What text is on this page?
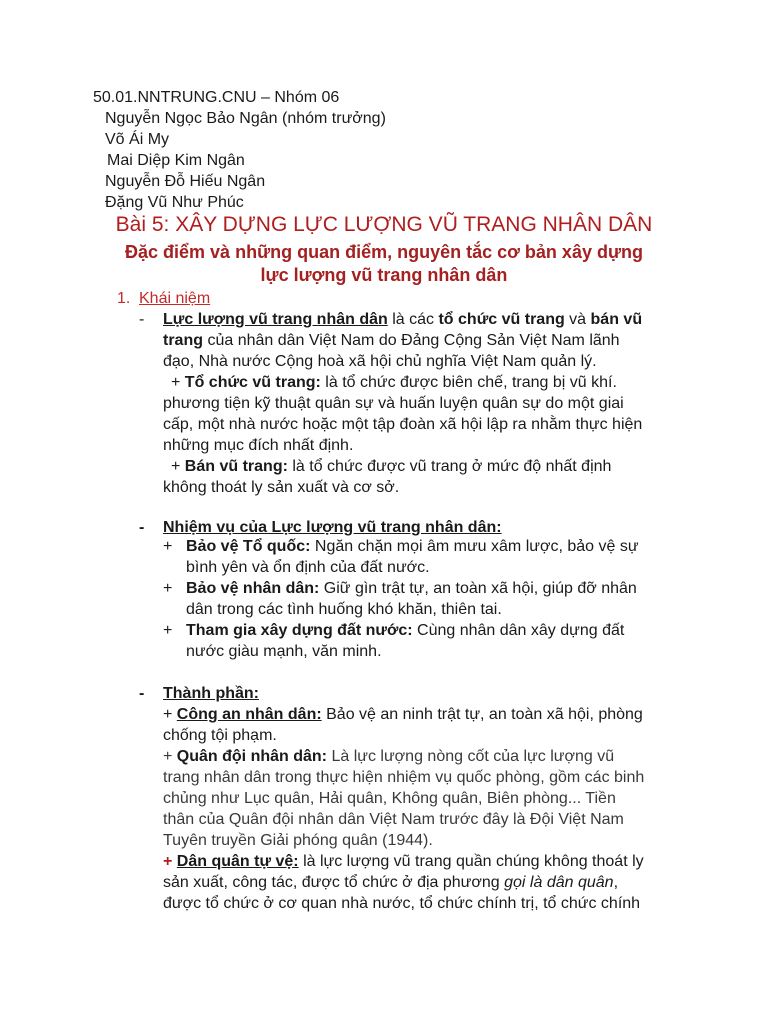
50.01.NNTRUNG.CNU – Nhóm 06
Nguyễn Ngọc Bảo Ngân (nhóm trưởng)
Võ Ái My
Mai Diệp Kim Ngân
Nguyễn Đỗ Hiếu Ngân
Đặng Vũ Như Phúc
Bài 5: XÂY DỰNG LỰC LƯỢNG VŨ TRANG NHÂN DÂN
Đặc điểm và những quan điểm, nguyên tắc cơ bản xây dựng
lực lượng vũ trang nhân dân
1. Khái niệm
- Lực lượng vũ trang nhân dân là các tổ chức vũ trang và bán vũ
trang của nhân dân Việt Nam do Đảng Cộng Sản Việt Nam lãnh
đạo, Nhà nước Cộng hoà xã hội chủ nghĩa Việt Nam quản lý.
+ Tổ chức vũ trang: là tổ chức được biên chế, trang bị vũ khí.
phương tiện kỹ thuật quân sự và huấn luyện quân sự do một giai
cấp, một nhà nước hoặc một tập đoàn xã hội lập ra nhằm thực hiện
những mục đích nhất định.
+ Bán vũ trang: là tổ chức được vũ trang ở mức độ nhất định
không thoát ly sản xuất và cơ sở.
- Nhiệm vụ của Lực lượng vũ trang nhân dân:
+ Bảo vệ Tổ quốc: Ngăn chặn mọi âm mưu xâm lược, bảo vệ sự
bình yên và ổn định của đất nước.
+ Bảo vệ nhân dân: Giữ gìn trật tự, an toàn xã hội, giúp đỡ nhân
dân trong các tình huống khó khăn, thiên tai.
+ Tham gia xây dựng đất nước: Cùng nhân dân xây dựng đất
nước giàu mạnh, văn minh.
- Thành phần:
+ Công an nhân dân: Bảo vệ an ninh trật tự, an toàn xã hội, phòng
chống tội phạm.
+ Quân đội nhân dân: Là lực lượng nòng cốt của lực lượng vũ
trang nhân dân trong thực hiện nhiệm vụ quốc phòng, gồm các binh
chủng như Lục quân, Hải quân, Không quân, Biên phòng... Tiền
thân của Quân đội nhân dân Việt Nam trước đây là Đội Việt Nam
Tuyên truyền Giải phóng quân (1944).
+ Dân quân tự vệ: là lực lượng vũ trang quần chúng không thoát ly
sản xuất, công tác, được tổ chức ở địa phương gọi là dân quân,
được tổ chức ở cơ quan nhà nước, tổ chức chính trị, tổ chức chính
